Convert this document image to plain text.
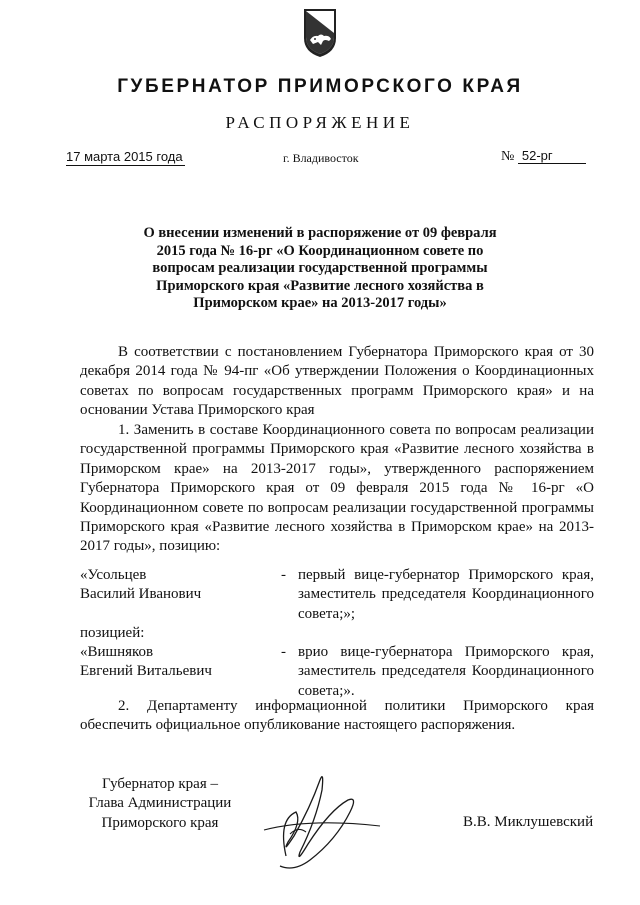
ГУБЕРНАТОР ПРИМОРСКОГО КРАЯ
РАСПОРЯЖЕНИЕ
17 марта 2015 года	г. Владивосток	№ 52-рг
О внесении изменений в распоряжение от 09 февраля 2015 года № 16-рг «О Координационном совете по вопросам реализации государственной программы Приморского края «Развитие лесного хозяйства в Приморском крае» на 2013-2017 годы»
В соответствии с постановлением Губернатора Приморского края от 30 декабря 2014 года № 94-пг «Об утверждении Положения о Координационных советах по вопросам государственных программ Приморского края» и на основании Устава Приморского края
1. Заменить в составе Координационного совета по вопросам реализации государственной программы Приморского края «Развитие лесного хозяйства в Приморском крае» на 2013-2017 годы», утвержденного распоряжением Губернатора Приморского края от 09 февраля 2015 года № 16-рг «О Координационном совете по вопросам реализации государственной программы Приморского края «Развитие лесного хозяйства в Приморском крае» на 2013-2017 годы», позицию:
«Усольцев
Василий Иванович
- первый вице-губернатор Приморского края, заместитель председателя Координационного совета;»;
позицией:
«Вишняков
Евгений Витальевич
- врио вице-губернатора Приморского края, заместитель председателя Координационного совета;».
2. Департаменту информационной политики Приморского края обеспечить официальное опубликование настоящего распоряжения.
Губернатор края –
Глава Администрации
Приморского края	В.В. Миклушевский
